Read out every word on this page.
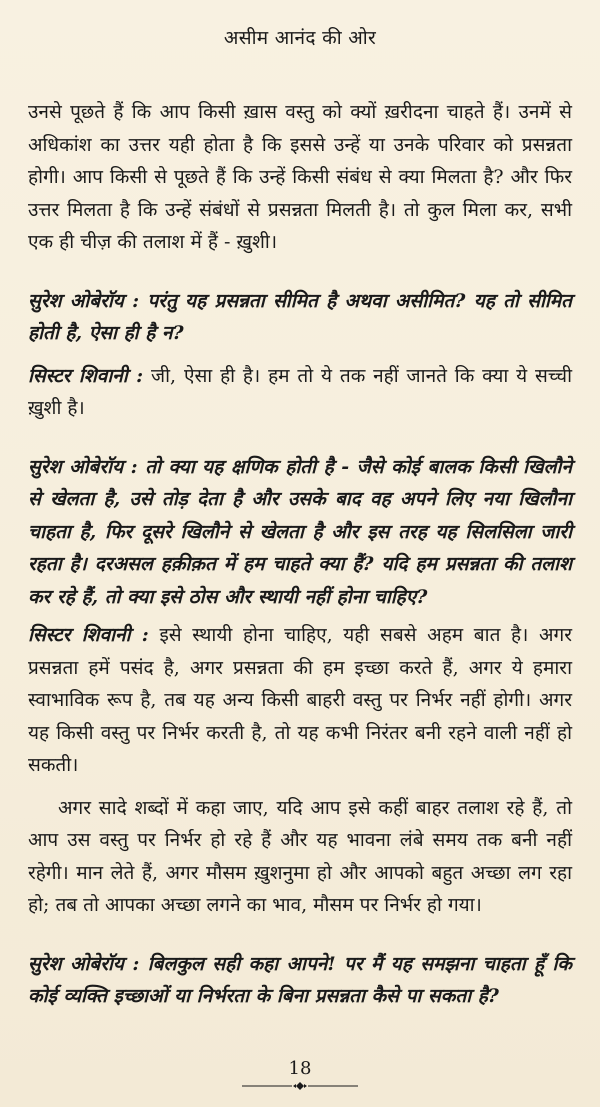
असीम आनंद की ओर

उनसे पूछते हैं कि आप किसी ख़ास वस्तु को क्यों ख़रीदना चाहते हैं। उनमें से अधिकांश का उत्तर यही होता है कि इससे उन्हें या उनके परिवार को प्रसन्नता होगी। आप किसी से पूछते हैं कि उन्हें किसी संबंध से क्या मिलता है? और फिर उत्तर मिलता है कि उन्हें संबंधों से प्रसन्नता मिलती है। तो कुल मिला कर, सभी एक ही चीज़ की तलाश में हैं - ख़ुशी।

सुरेश ओबेरॉय : परंतु यह प्रसन्नता सीमित है अथवा असीमित? यह तो सीमित होती है, ऐसा ही है न?

सिस्टर शिवानी : जी, ऐसा ही है। हम तो ये तक नहीं जानते कि क्या ये सच्ची ख़ुशी है।

सुरेश ओबेरॉय : तो क्या यह क्षणिक होती है - जैसे कोई बालक किसी खिलौने से खेलता है, उसे तोड़ देता है और उसके बाद वह अपने लिए नया खिलौना चाहता है, फिर दूसरे खिलौने से खेलता है और इस तरह यह सिलसिला जारी रहता है। दरअसल हक़ीक़त में हम चाहते क्या हैं? यदि हम प्रसन्नता की तलाश कर रहे हैं, तो क्या इसे ठोस और स्थायी नहीं होना चाहिए?

सिस्टर शिवानी : इसे स्थायी होना चाहिए, यही सबसे अहम बात है। अगर प्रसन्नता हमें पसंद है, अगर प्रसन्नता की हम इच्छा करते हैं, अगर ये हमारा स्वाभाविक रूप है, तब यह अन्य किसी बाहरी वस्तु पर निर्भर नहीं होगी। अगर यह किसी वस्तु पर निर्भर करती है, तो यह कभी निरंतर बनी रहने वाली नहीं हो सकती।

अगर सादे शब्दों में कहा जाए, यदि आप इसे कहीं बाहर तलाश रहे हैं, तो आप उस वस्तु पर निर्भर हो रहे हैं और यह भावना लंबे समय तक बनी नहीं रहेगी। मान लेते हैं, अगर मौसम ख़ुशनुमा हो और आपको बहुत अच्छा लग रहा हो; तब तो आपका अच्छा लगने का भाव, मौसम पर निर्भर हो गया।

सुरेश ओबेरॉय : बिलकुल सही कहा आपने! पर मैं यह समझना चाहता हूँ कि कोई व्यक्ति इच्छाओं या निर्भरता के बिना प्रसन्नता कैसे पा सकता है?

18
